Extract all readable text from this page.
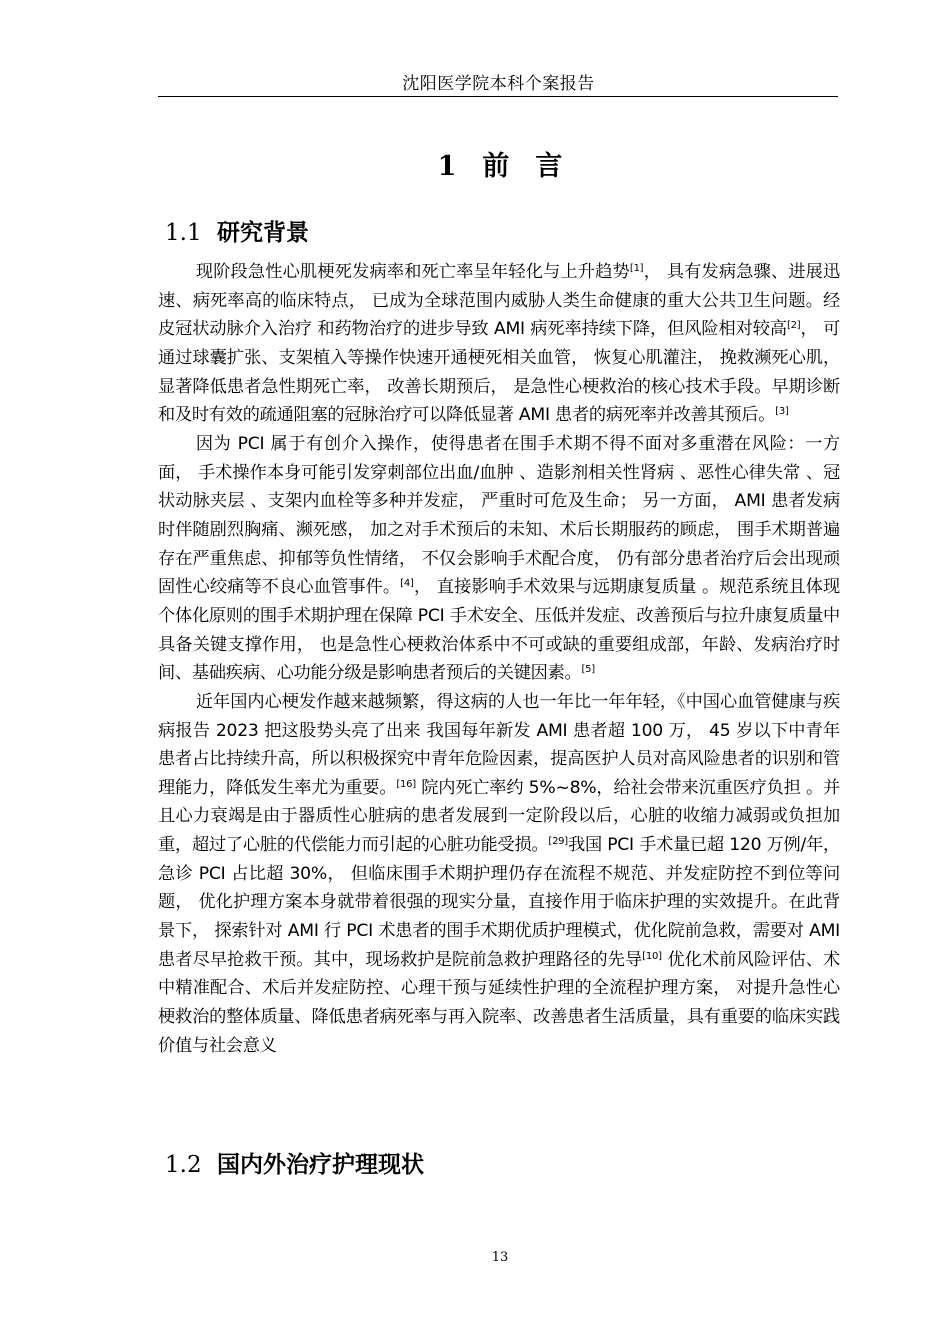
沈阳医学院本科个案报告
1 前言
1.1 研究背景

现阶段急性心肌梗死发病率和死亡率呈年轻化与上升趋势[1]， 具有发病急骤、进展迅速、病死率高的临床特点， 已成为全球范围内威胁人类生命健康的重大公共卫生问题。经皮冠状动脉介入治疗 和药物治疗的进步导致 AMI 病死率持续下降，但风险相对较高[2]， 可通过球囊扩张、支架植入等操作快速开通梗死相关血管， 恢复心肌灌注， 挽救濒死心肌， 显著降低患者急性期死亡率， 改善长期预后， 是急性心梗救治的核心技术手段。早期诊断和及时有效的疏通阻塞的冠脉治疗可以降低显著 AMI 患者的病死率并改善其预后。[3]

因为 PCI 属于有创介入操作，使得患者在围手术期不得不面对多重潜在风险：一方面， 手术操作本身可能引发穿刺部位出血/血肿 、造影剂相关性肾病 、恶性心律失常 、冠状动脉夹层 、支架内血栓等多种并发症， 严重时可危及生命； 另一方面， AMI 患者发病时伴随剧烈胸痛、濒死感， 加之对手术预后的未知、术后长期服药的顾虑， 围手术期普遍存在严重焦虑、抑郁等负性情绪， 不仅会影响手术配合度， 仍有部分患者治疗后会出现顽固性心绞痛等不良心血管事件。[4]， 直接影响手术效果与远期康复质量 。规范系统且体现个体化原则的围手术期护理在保障 PCI 手术安全、压低并发症、改善预后与拉升康复质量中具备关键支撑作用， 也是急性心梗救治体系中不可或缺的重要组成部，年龄、发病治疗时间、基础疾病、心功能分级是影响患者预后的关键因素。[5]

近年国内心梗发作越来越频繁，得这病的人也一年比一年年轻，《中国心血管健康与疾病报告 2023 把这股势头亮了出来 我国每年新发 AMI 患者超 100 万， 45 岁以下中青年患者占比持续升高，所以积极探究中青年危险因素，提高医护人员对高风险患者的识别和管理能力，降低发生率尤为重要。[16] 院内死亡率约 5%~8%，给社会带来沉重医疗负担 。并且心力衰竭是由于器质性心脏病的患者发展到一定阶段以后，心脏的收缩力减弱或负担加重，超过了心脏的代偿能力而引起的心脏功能受损。[29]我国 PCI 手术量已超 120 万例/年， 急诊 PCI 占比超 30%， 但临床围手术期护理仍存在流程不规范、并发症防控不到位等问题， 优化护理方案本身就带着很强的现实分量，直接作用于临床护理的实效提升。在此背景下， 探索针对 AMI 行 PCI 术患者的围手术期优质护理模式，优化院前急救，需要对 AMI 患者尽早抢救干预。其中，现场救护是院前急救护理路径的先导[10] 优化术前风险评估、术中精准配合、术后并发症防控、心理干预与延续性护理的全流程护理方案， 对提升急性心梗救治的整体质量、降低患者病死率与再入院率、改善患者生活质量，具有重要的临床实践价值与社会意义

1.2 国内外治疗护理现状
13
